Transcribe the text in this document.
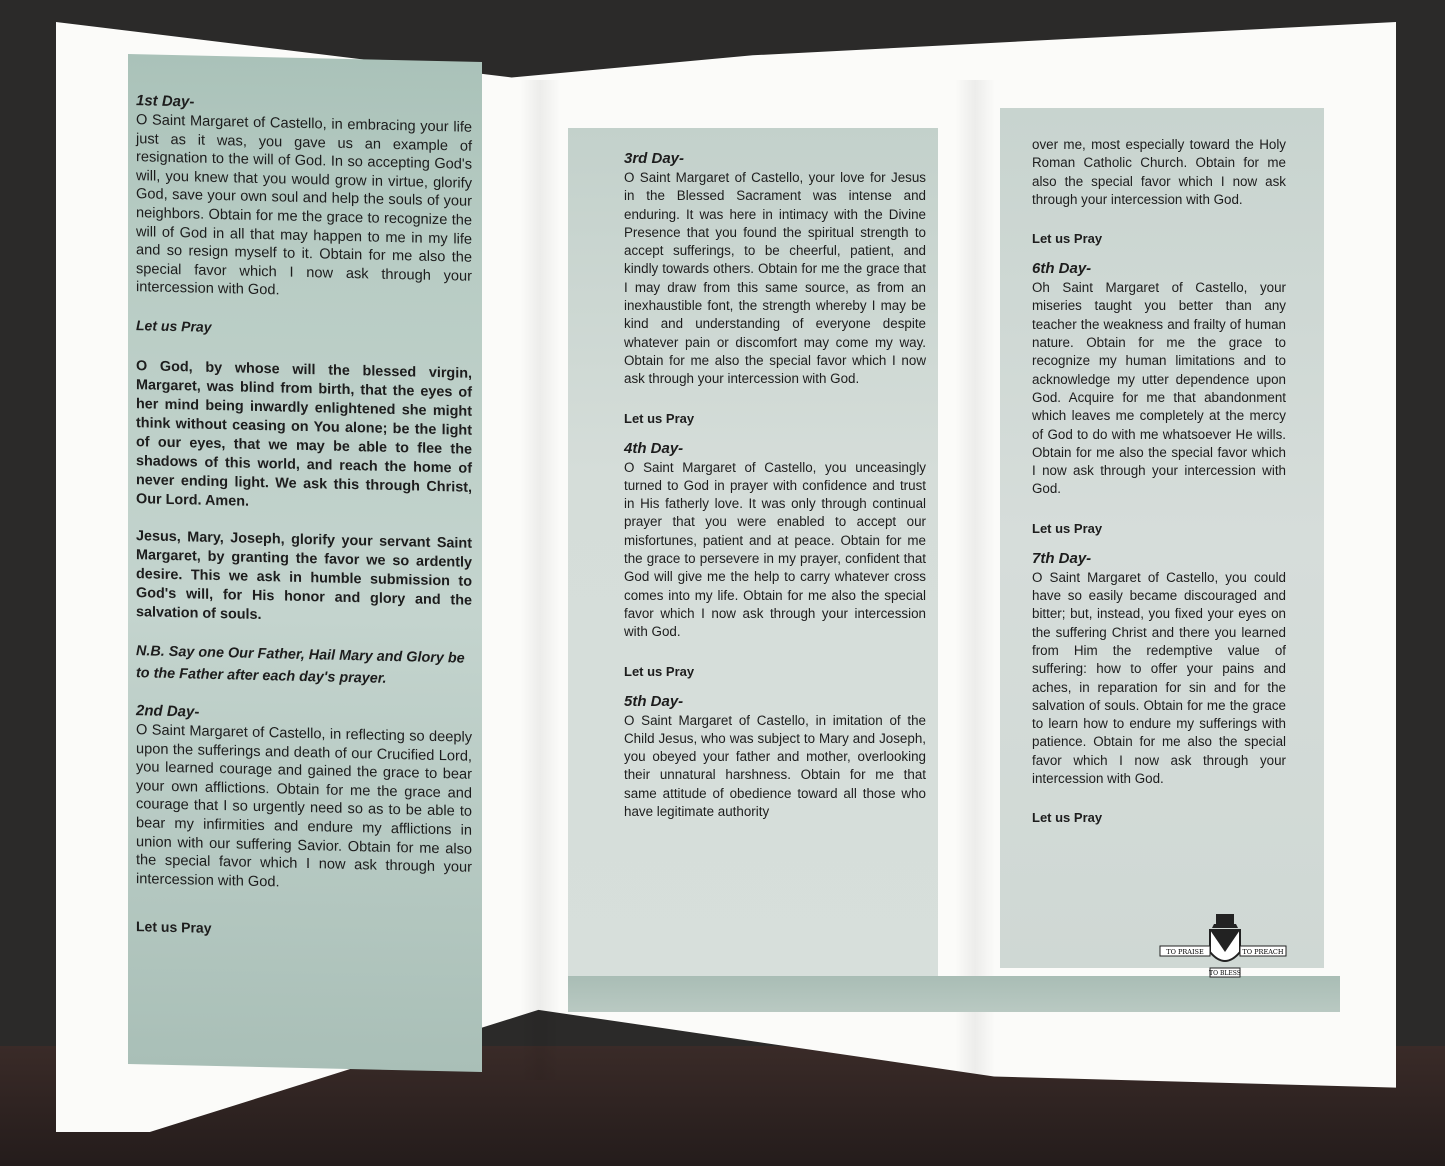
1st Day-

O Saint Margaret of Castello, in embracing your life just as it was, you gave us an example of resignation to the will of God. In so accepting God's will, you knew that you would grow in virtue, glorify God, save your own soul and help the souls of your neighbors. Obtain for me the grace to recognize the will of God in all that may happen to me in my life and so resign myself to it. Obtain for me also the special favor which I now ask through your intercession with God.

Let us Pray

O God, by whose will the blessed virgin, Margaret, was blind from birth, that the eyes of her mind being inwardly enlightened she might think without ceasing on You alone; be the light of our eyes, that we may be able to flee the shadows of this world, and reach the home of never ending light. We ask this through Christ, Our Lord. Amen.

Jesus, Mary, Joseph, glorify your servant Saint Margaret, by granting the favor we so ardently desire. This we ask in humble submission to God's will, for His honor and glory and the salvation of souls.

N.B. Say one Our Father, Hail Mary and Glory be to the Father after each day's prayer.

2nd Day-

O Saint Margaret of Castello, in reflecting so deeply upon the sufferings and death of our Crucified Lord, you learned courage and gained the grace to bear your own afflictions. Obtain for me the grace and courage that I so urgently need so as to be able to bear my infirmities and endure my afflictions in union with our suffering Savior. Obtain for me also the special favor which I now ask through your intercession with God.

Let us Pray

3rd Day-

O Saint Margaret of Castello, your love for Jesus in the Blessed Sacrament was intense and enduring. It was here in intimacy with the Divine Presence that you found the spiritual strength to accept sufferings, to be cheerful, patient, and kindly towards others. Obtain for me the grace that I may draw from this same source, as from an inexhaustible font, the strength whereby I may be kind and understanding of everyone despite whatever pain or discomfort may come my way. Obtain for me also the special favor which I now ask through your intercession with God.

Let us Pray

4th Day-

O Saint Margaret of Castello, you unceasingly turned to God in prayer with confidence and trust in His fatherly love. It was only through continual prayer that you were enabled to accept our misfortunes, patient and at peace. Obtain for me the grace to persevere in my prayer, confident that God will give me the help to carry whatever cross comes into my life. Obtain for me also the special favor which I now ask through your intercession with God.

Let us Pray

5th Day-

O Saint Margaret of Castello, in imitation of the Child Jesus, who was subject to Mary and Joseph, you obeyed your father and mother, overlooking their unnatural harshness. Obtain for me that same attitude of obedience toward all those who have legitimate authority

over me, most especially toward the Holy Roman Catholic Church. Obtain for me also the special favor which I now ask through your intercession with God.

Let us Pray

6th Day-

Oh Saint Margaret of Castello, your miseries taught you better than any teacher the weakness and frailty of human nature. Obtain for me the grace to recognize my human limitations and to acknowledge my utter dependence upon God. Acquire for me that abandonment which leaves me completely at the mercy of God to do with me whatsoever He wills. Obtain for me also the special favor which I now ask through your intercession with God.

Let us Pray

7th Day-

O Saint Margaret of Castello, you could have so easily became discouraged and bitter; but, instead, you fixed your eyes on the suffering Christ and there you learned from Him the redemptive value of suffering: how to offer your pains and aches, in reparation for sin and for the salvation of souls. Obtain for me the grace to learn how to endure my sufferings with patience. Obtain for me also the special favor which I now ask through your intercession with God.

Let us Pray

TO PRAISE	TO PREACH
TO BLESS
